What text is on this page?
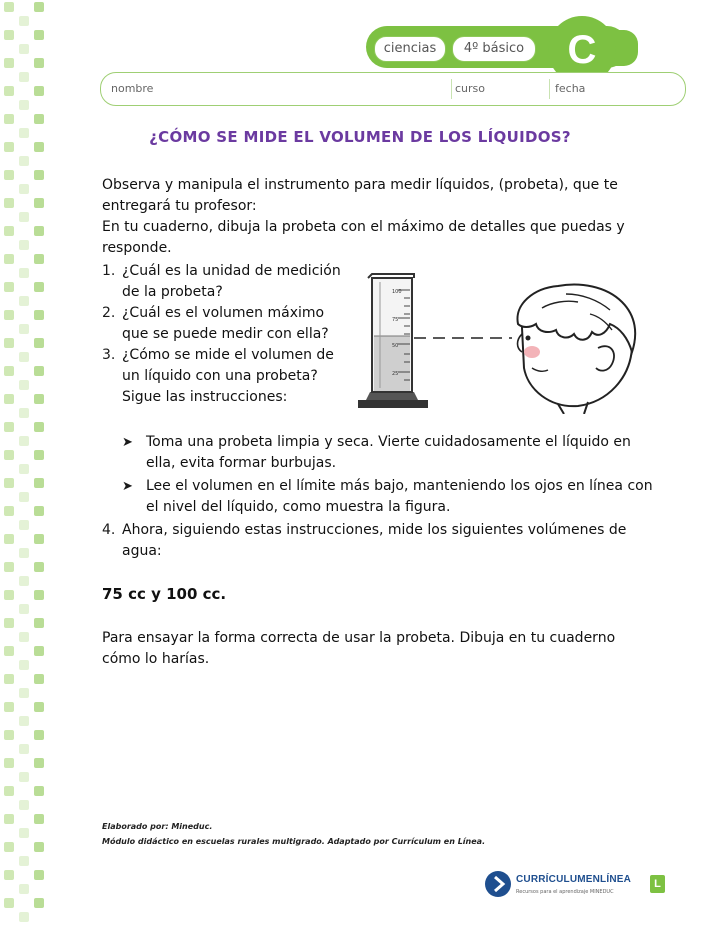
ciencias	4º básico	C
nombre	curso	fecha
¿CÓMO SE MIDE EL VOLUMEN DE LOS LÍQUIDOS?
Observa y manipula el instrumento para medir líquidos, (probeta), que te
entregará tu profesor:
En tu cuaderno, dibuja la probeta con el máximo de detalles que puedas y
responde.
1. ¿Cuál es la unidad de medición
de la probeta?
2. ¿Cuál es el volumen máximo
que se puede medir con ella?
3. ¿Cómo se mide el volumen de
un líquido con una probeta?
Sigue las instrucciones:
100
75
50
25
➤ Toma una probeta limpia y seca. Vierte cuidadosamente el líquido en
ella, evita formar burbujas.
➤ Lee el volumen en el límite más bajo, manteniendo los ojos en línea con
el nivel del líquido, como muestra la figura.
4. Ahora, siguiendo estas instrucciones, mide los siguientes volúmenes de
agua:
75 cc y 100 cc.
Para ensayar la forma correcta de usar la probeta. Dibuja en tu cuaderno
cómo lo harías.
Elaborado por: Mineduc.
Módulo didáctico en escuelas rurales multigrado. Adaptado por Currículum en Línea.
CURRÍCULUMENLÍNEA
Recursos para el aprendizaje MINEDUC
L
